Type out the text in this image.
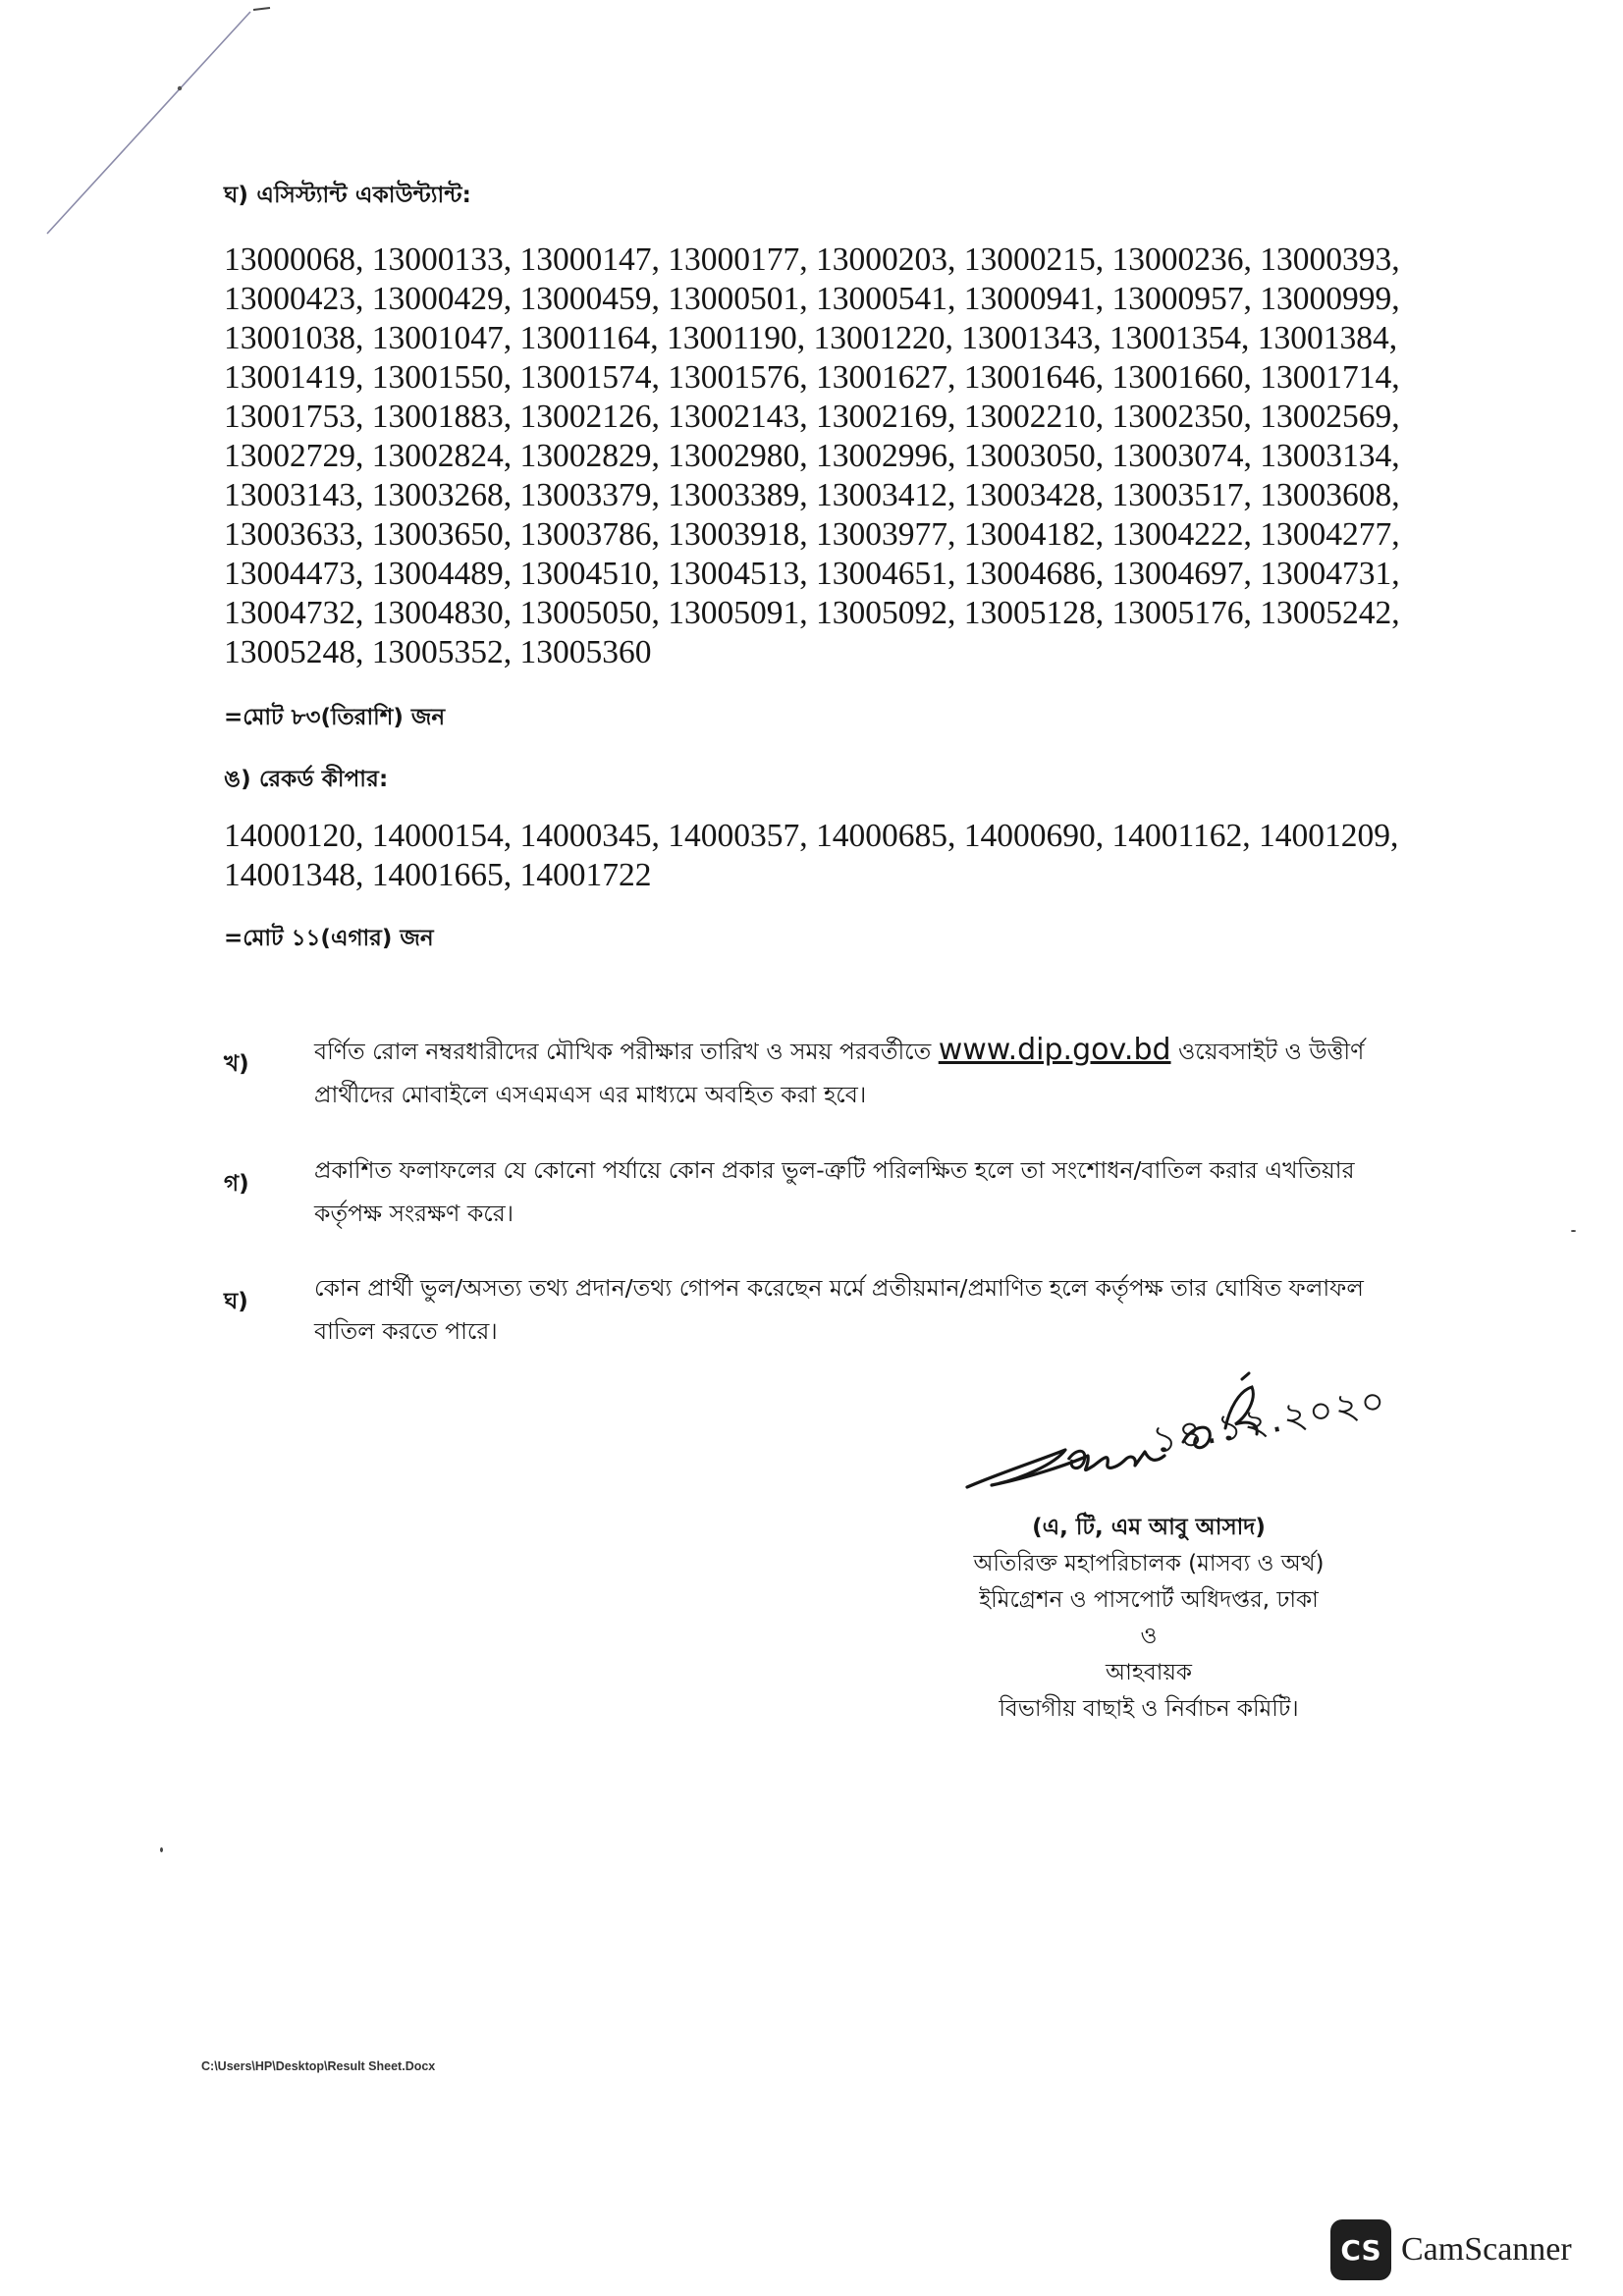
ঘ) এসিস্ট্যান্ট একাউন্ট্যান্ট:
13000068, 13000133, 13000147, 13000177, 13000203, 13000215, 13000236, 13000393,
13000423, 13000429, 13000459, 13000501, 13000541, 13000941, 13000957, 13000999,
13001038, 13001047, 13001164, 13001190, 13001220, 13001343, 13001354, 13001384,
13001419, 13001550, 13001574, 13001576, 13001627, 13001646, 13001660, 13001714,
13001753, 13001883, 13002126, 13002143, 13002169, 13002210, 13002350, 13002569,
13002729, 13002824, 13002829, 13002980, 13002996, 13003050, 13003074, 13003134,
13003143, 13003268, 13003379, 13003389, 13003412, 13003428, 13003517, 13003608,
13003633, 13003650, 13003786, 13003918, 13003977, 13004182, 13004222, 13004277,
13004473, 13004489, 13004510, 13004513, 13004651, 13004686, 13004697, 13004731,
13004732, 13004830, 13005050, 13005091, 13005092, 13005128, 13005176, 13005242,
13005248, 13005352, 13005360
=মোট ৮৩(তিরাশি) জন
ঙ) রেকর্ড কীপার:
14000120, 14000154, 14000345, 14000357, 14000685, 14000690, 14001162, 14001209,
14001348, 14001665, 14001722
=মোট ১১(এগার) জন
খ)	বর্ণিত রোল নম্বরধারীদের মৌখিক পরীক্ষার তারিখ ও সময় পরবর্তীতে www.dip.gov.bd ওয়েবসাইট ও উত্তীর্ণ প্রার্থীদের মোবাইলে এসএমএস এর মাধ্যমে অবহিত করা হবে।
গ)	প্রকাশিত ফলাফলের যে কোনো পর্যায়ে কোন প্রকার ভুল-ত্রুটি পরিলক্ষিত হলে তা সংশোধন/বাতিল করার এখতিয়ার কর্তৃপক্ষ সংরক্ষণ করে।
ঘ)	কোন প্রার্থী ভুল/অসত্য তথ্য প্রদান/তথ্য গোপন করেছেন মর্মে প্রতীয়মান/প্রমাণিত হলে কর্তৃপক্ষ তার ঘোষিত ফলাফল বাতিল করতে পারে।
১৪.১২.২০২০
(এ, টি, এম আবু আসাদ)
অতিরিক্ত মহাপরিচালক (মাসব্য ও অর্থ)
ইমিগ্রেশন ও পাসপোর্ট অধিদপ্তর, ঢাকা
ও
আহবায়ক
বিভাগীয় বাছাই ও নির্বাচন কমিটি।
C:\Users\HP\Desktop\Result Sheet.Docx
CS CamScanner
